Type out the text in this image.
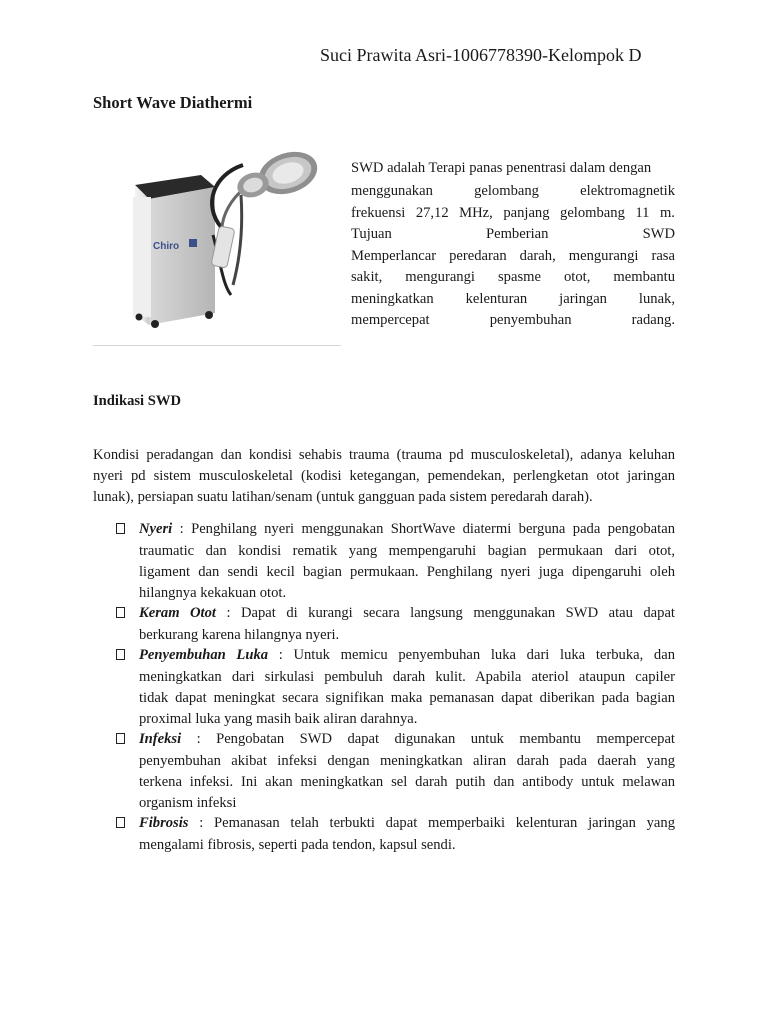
Suci Prawita Asri-1006778390-Kelompok D
Short Wave Diathermi
Chiro
SWD adalah Terapi panas penentrasi dalam dengan
menggunakan	gelombang	elektromagnetik
frekuensi 27,12 MHz, panjang gelombang 11 m.
Tujuan	Pemberian	SWD
Memperlancar peredaran darah, mengurangi rasa
sakit, mengurangi spasme otot, membantu
meningkatkan kelenturan jaringan lunak,
mempercepat	penyembuhan	radang.
Indikasi SWD
Kondisi peradangan dan kondisi sehabis trauma (trauma pd musculoskeletal), adanya keluhan
nyeri pd sistem musculoskeletal (kodisi ketegangan, pemendekan, perlengketan otot jaringan
lunak), persiapan suatu latihan/senam (untuk gangguan pada sistem peredarah darah).
Nyeri : Penghilang nyeri menggunakan ShortWave diatermi berguna pada pengobatan
traumatic dan kondisi rematik yang mempengaruhi bagian permukaan dari otot,
ligament dan sendi kecil bagian permukaan. Penghilang nyeri juga dipengaruhi oleh
hilangnya kekakuan otot.
Keram Otot : Dapat di kurangi secara langsung menggunakan SWD atau dapat
berkurang karena hilangnya nyeri.
Penyembuhan Luka : Untuk memicu penyembuhan luka dari luka terbuka, dan
meningkatkan dari sirkulasi pembuluh darah kulit. Apabila ateriol ataupun capiler
tidak dapat meningkat secara signifikan maka pemanasan dapat diberikan pada bagian
proximal luka yang masih baik aliran darahnya.
Infeksi : Pengobatan SWD dapat digunakan untuk membantu mempercepat
penyembuhan akibat infeksi dengan meningkatkan aliran darah pada daerah yang
terkena infeksi. Ini akan meningkatkan sel darah putih dan antibody untuk melawan
organism infeksi
Fibrosis : Pemanasan telah terbukti dapat memperbaiki kelenturan jaringan yang
mengalami fibrosis, seperti pada tendon, kapsul sendi.
